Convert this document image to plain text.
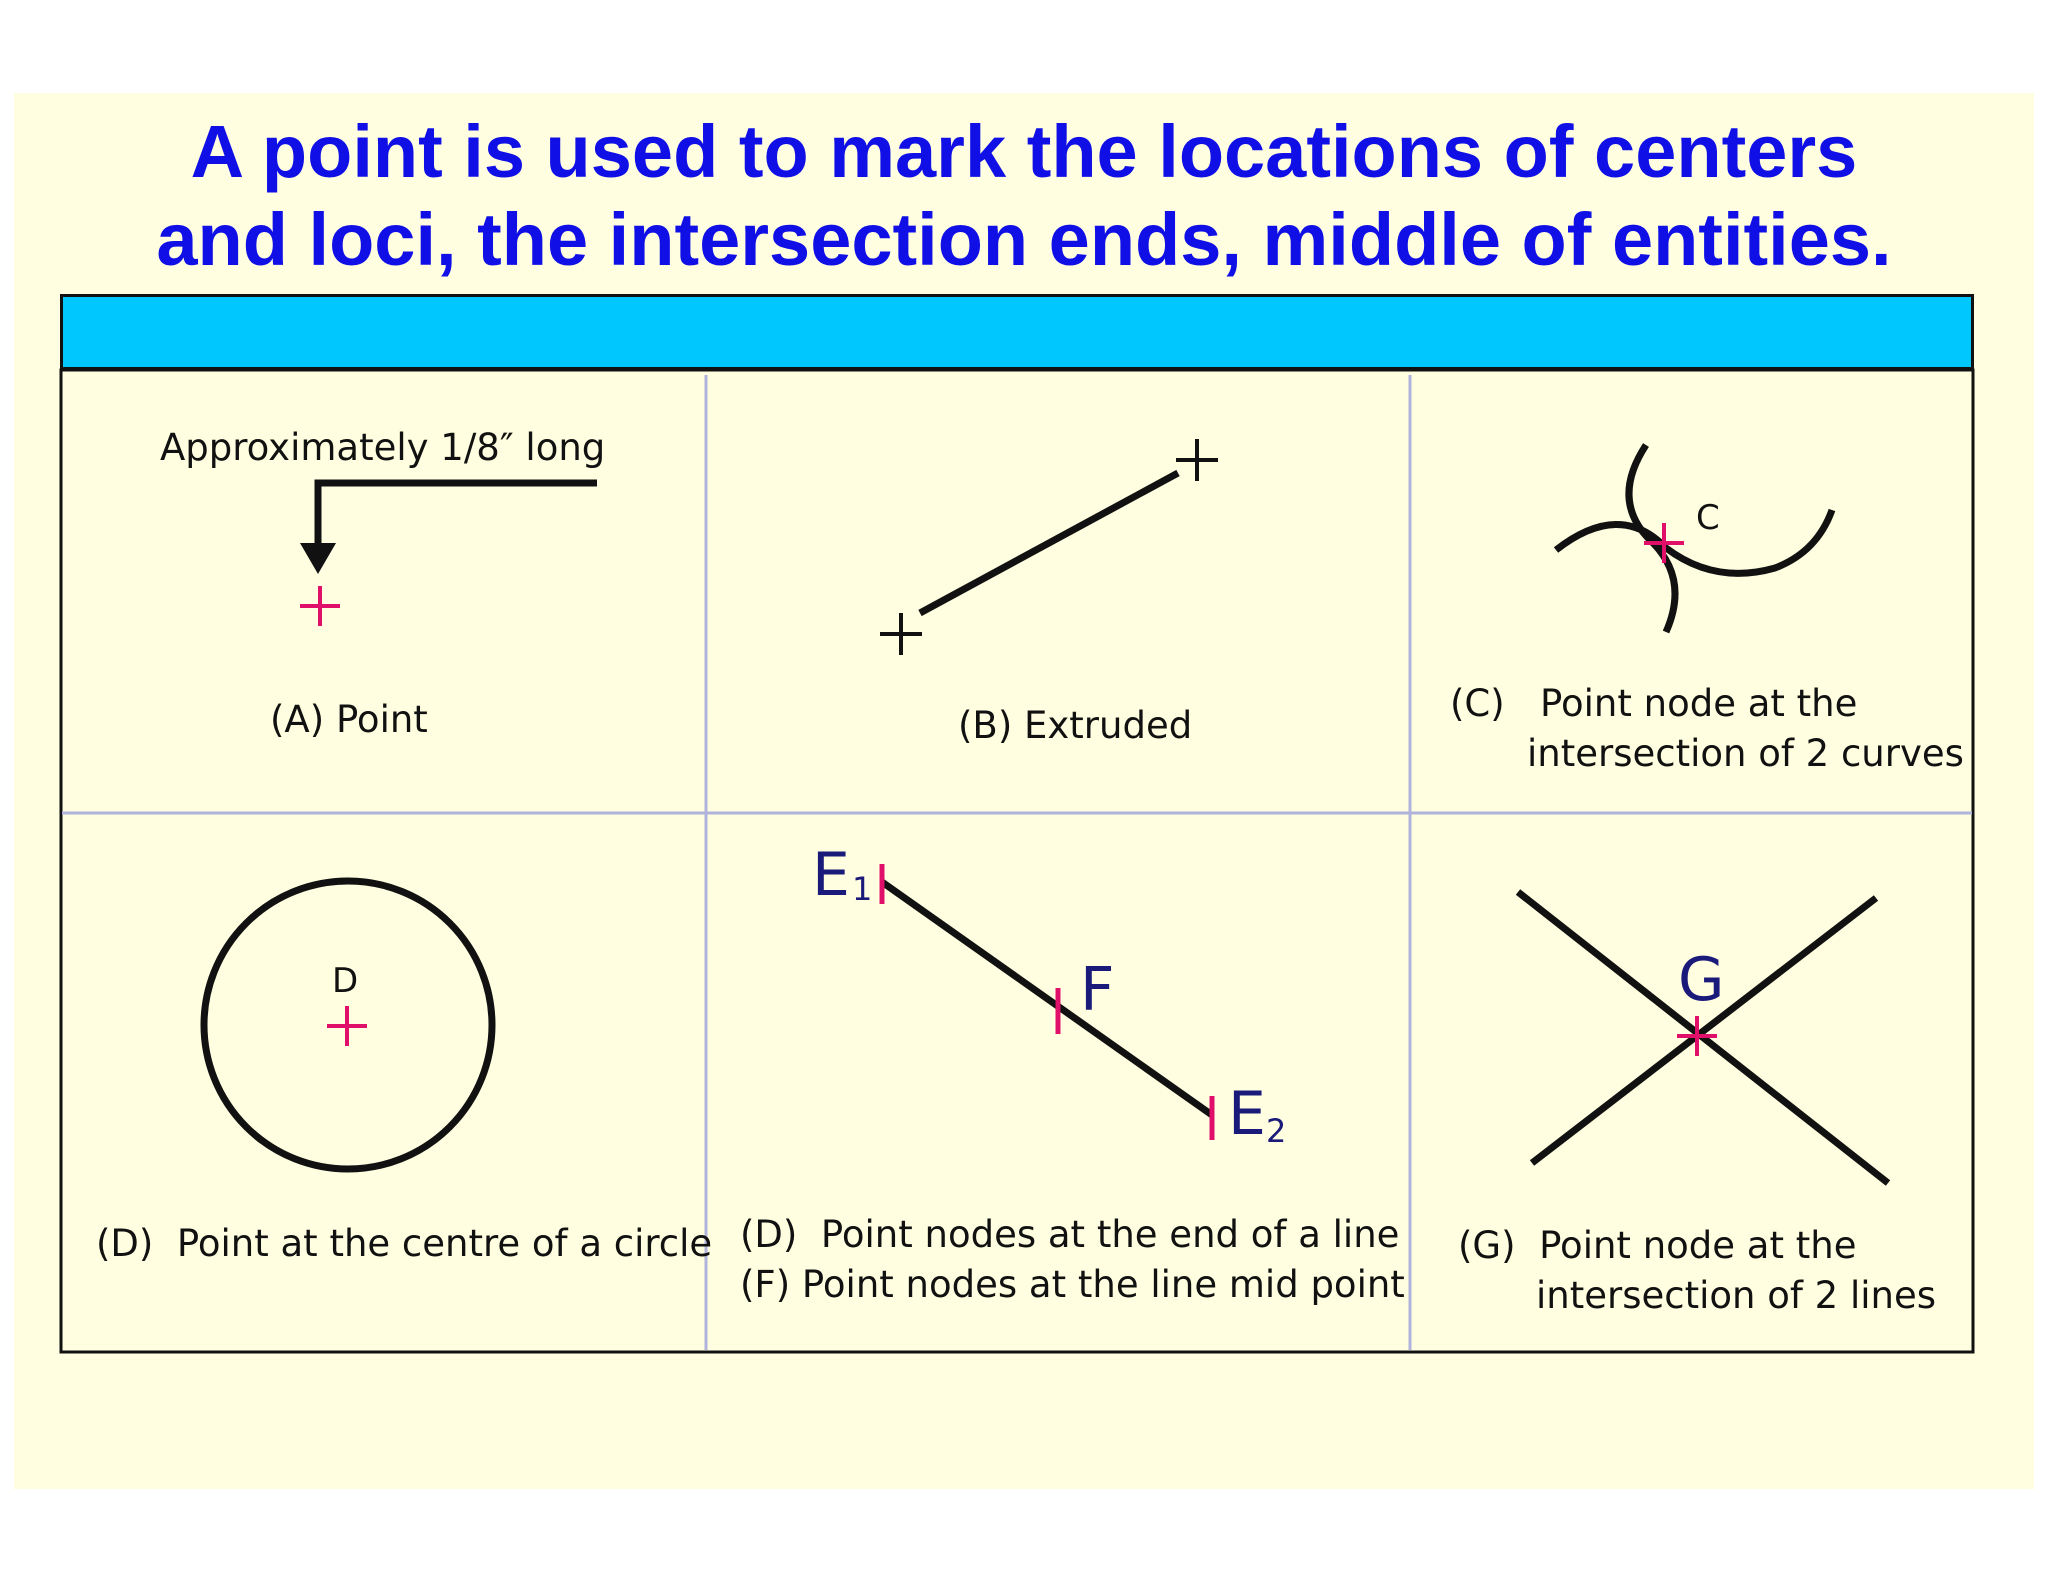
A point is used to mark the locations of centers
and loci, the intersection ends, middle of entities.
Approximately 1/8″ long
(A) Point	(B) Extruded
C
(C)   Point node at the
intersection of 2 curves
D
(D)  Point at the centre of a circle
E 1
F
E 2
(D)  Point nodes at the end of a line
(F) Point nodes at the line mid point
G
(G)  Point node at the
intersection of 2 lines
